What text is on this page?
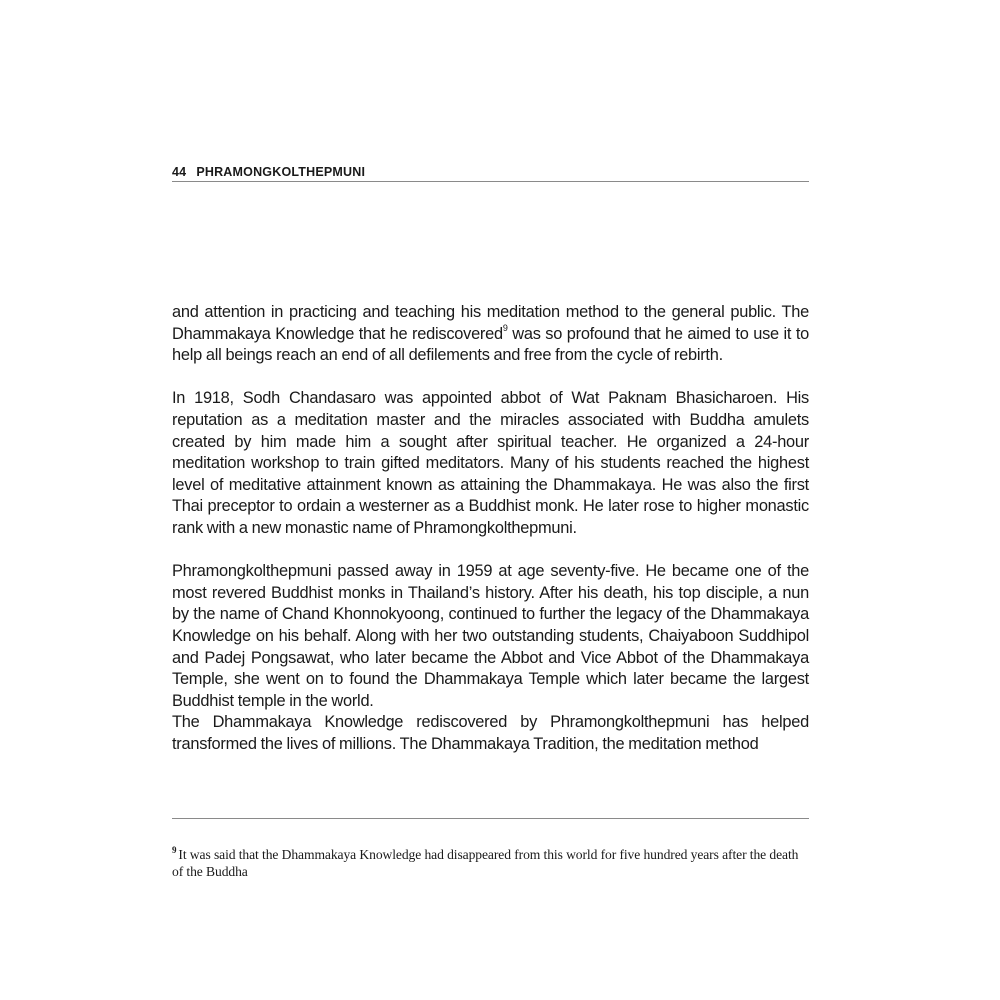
44 PHRAMONGKOLTHEPMUNI

and attention in practicing and teaching his meditation method to the general public. The Dhammakaya Knowledge that he rediscovered$^9$ was so profound that he aimed to use it to help all beings reach an end of all defilements and free from the cycle of rebirth.

In 1918, Sodh Chandasaro was appointed abbot of Wat Paknam Bhasicharoen. His reputation as a meditation master and the miracles associated with Buddha amulets created by him made him a sought after spiritual teacher. He organized a 24-hour meditation workshop to train gifted meditators. Many of his students reached the highest level of meditative attainment known as attaining the Dhammakaya. He was also the first Thai preceptor to ordain a westerner as a Buddhist monk. He later rose to higher monastic rank with a new monastic name of Phramongkolthepmuni.

Phramongkolthepmuni passed away in 1959 at age seventy-five. He became one of the most revered Buddhist monks in Thailand’s history. After his death, his top disciple, a nun by the name of Chand Khonnokyoong, continued to further the legacy of the Dhammakaya Knowledge on his behalf. Along with her two outstanding students, Chaiyaboon Suddhipol and Padej Pongsawat, who later became the Abbot and Vice Abbot of the Dhammakaya Temple, she went on to found the Dhammakaya Temple which later became the largest Buddhist temple in the world.

The Dhammakaya Knowledge rediscovered by Phramongkolthepmuni has helped transformed the lives of millions. The Dhammakaya Tradition, the meditation method

$^9$ It was said that the Dhammakaya Knowledge had disappeared from this world for five hundred years after the death of the Buddha
